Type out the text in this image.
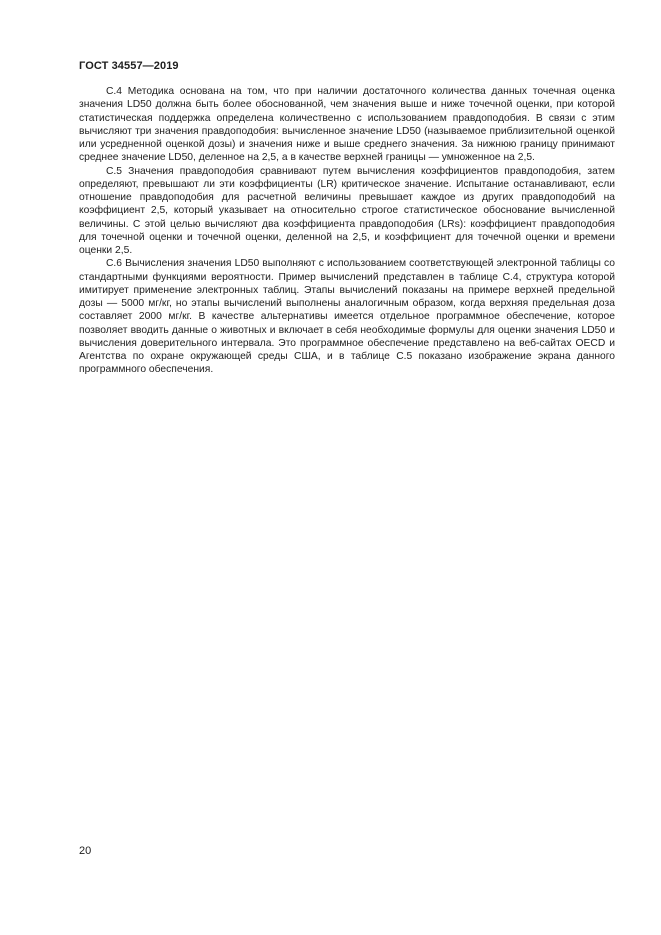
ГОСТ 34557—2019

С.4 Методика основана на том, что при наличии достаточного количества данных точечная оценка значения LD50 должна быть более обоснованной, чем значения выше и ниже точечной оценки, при которой статистическая поддержка определена количественно с использованием правдоподобия. В связи с этим вычисляют три значения правдоподобия: вычисленное значение LD50 (называемое приблизительной оценкой или усредненной оценкой дозы) и значения ниже и выше среднего значения. За нижнюю границу принимают среднее значение LD50, деленное на 2,5, а в качестве верхней границы — умноженное на 2,5.

С.5 Значения правдоподобия сравнивают путем вычисления коэффициентов правдоподобия, затем определяют, превышают ли эти коэффициенты (LR) критическое значение. Испытание останавливают, если отношение правдоподобия для расчетной величины превышает каждое из других правдоподобий на коэффициент 2,5, который указывает на относительно строгое статистическое обоснование вычисленной величины. С этой целью вычисляют два коэффициента правдоподобия (LRs): коэффициент правдоподобия для точечной оценки и точечной оценки, деленной на 2,5, и коэффициент для точечной оценки и времени оценки 2,5.

С.6 Вычисления значения LD50 выполняют с использованием соответствующей электронной таблицы со стандартными функциями вероятности. Пример вычислений представлен в таблице С.4, структура которой имитирует применение электронных таблиц. Этапы вычислений показаны на примере верхней предельной дозы — 5000 мг/кг, но этапы вычислений выполнены аналогичным образом, когда верхняя предельная доза составляет 2000 мг/кг. В качестве альтернативы имеется отдельное программное обеспечение, которое позволяет вводить данные о животных и включает в себя необходимые формулы для оценки значения LD50 и вычисления доверительного интервала. Это программное обеспечение представлено на веб-сайтах OECD и Агентства по охране окружающей среды США, и в таблице С.5 показано изображение экрана данного программного обеспечения.

20
